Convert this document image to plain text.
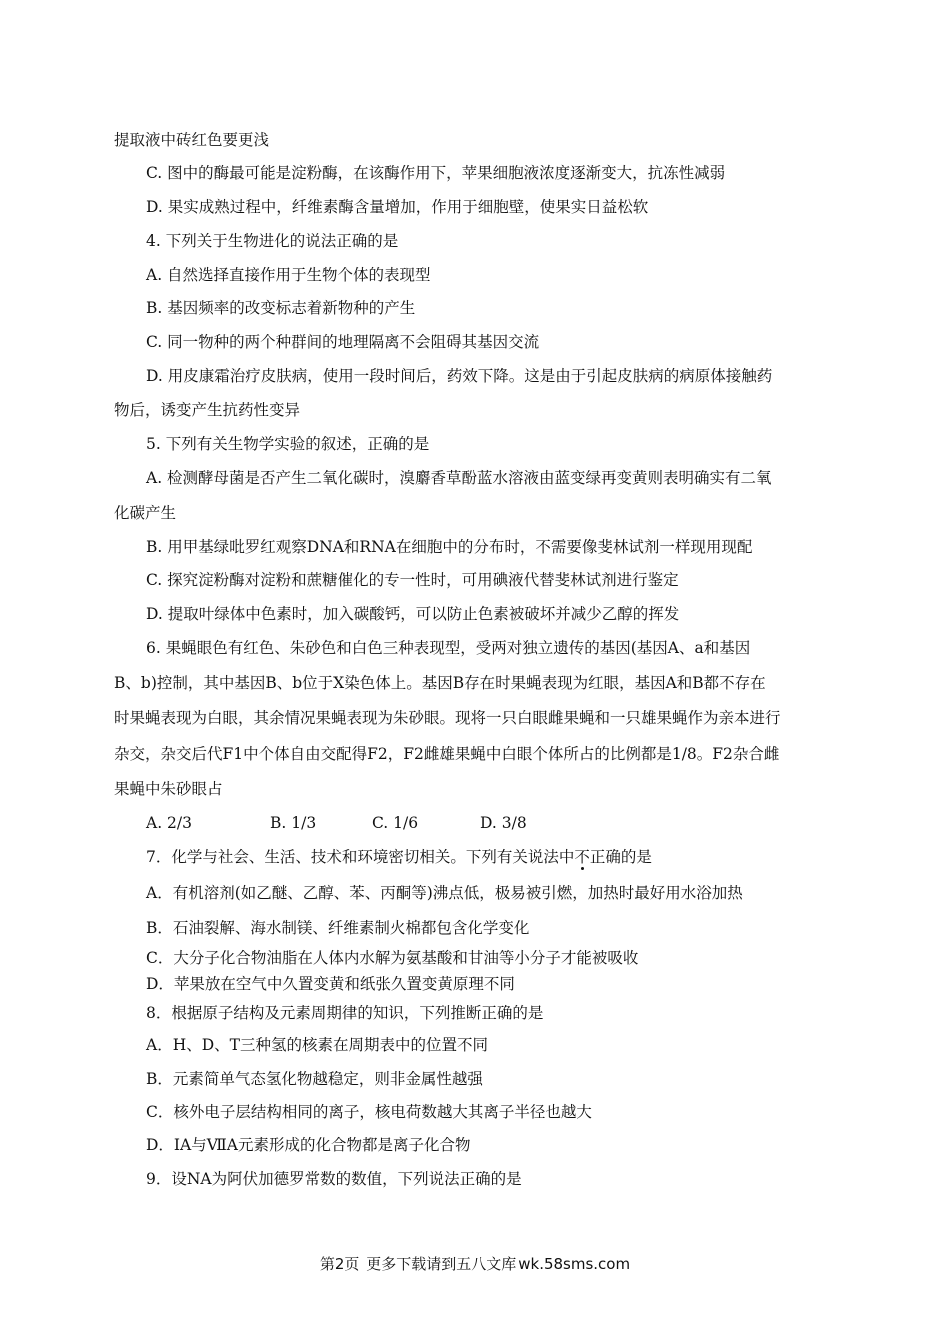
提取液中砖红色要更浅
C. 图中的酶最可能是淀粉酶，在该酶作用下，苹果细胞液浓度逐渐变大，抗冻性减弱
D. 果实成熟过程中，纤维素酶含量增加，作用于细胞壁，使果实日益松软
4. 下列关于生物进化的说法正确的是
A. 自然选择直接作用于生物个体的表现型
B. 基因频率的改变标志着新物种的产生
C. 同一物种的两个种群间的地理隔离不会阻碍其基因交流
D. 用皮康霜治疗皮肤病，使用一段时间后，药效下降。这是由于引起皮肤病的病原体接触药
物后，诱变产生抗药性变异
5. 下列有关生物学实验的叙述，正确的是
A. 检测酵母菌是否产生二氧化碳时，溴麝香草酚蓝水溶液由蓝变绿再变黄则表明确实有二氧
化碳产生
B. 用甲基绿吡罗红观察DNA和RNA在细胞中的分布时，不需要像斐林试剂一样现用现配
C. 探究淀粉酶对淀粉和蔗糖催化的专一性时，可用碘液代替斐林试剂进行鉴定
D. 提取叶绿体中色素时，加入碳酸钙，可以防止色素被破坏并减少乙醇的挥发
6. 果蝇眼色有红色、朱砂色和白色三种表现型，受两对独立遗传的基因(基因A、a和基因
B、b)控制，其中基因B、b位于X染色体上。基因B存在时果蝇表现为红眼，基因A和B都不存在
时果蝇表现为白眼，其余情况果蝇表现为朱砂眼。现将一只白眼雌果蝇和一只雄果蝇作为亲本进行
杂交，杂交后代F1中个体自由交配得F2，F2雌雄果蝇中白眼个体所占的比例都是1/8。F2杂合雌
果蝇中朱砂眼占
A. 2/3	B. 1/3	C. 1/6	D. 3/8
7．化学与社会、生活、技术和环境密切相关。下列有关说法中不正确的是
A．有机溶剂(如乙醚、乙醇、苯、丙酮等)沸点低，极易被引燃，加热时最好用水浴加热
B．石油裂解、海水制镁、纤维素制火棉都包含化学变化
C．大分子化合物油脂在人体内水解为氨基酸和甘油等小分子才能被吸收
D．苹果放在空气中久置变黄和纸张久置变黄原理不同
8．根据原子结构及元素周期律的知识，下列推断正确的是
A．H、D、T三种氢的核素在周期表中的位置不同
B．元素简单气态氢化物越稳定，则非金属性越强
C．核外电子层结构相同的离子，核电荷数越大其离子半径也越大
D．ⅠA与ⅦA元素形成的化合物都是离子化合物
9．设NA为阿伏加德罗常数的数值，下列说法正确的是
第2页 更多下载请到五八文库 wk.58sms.com
